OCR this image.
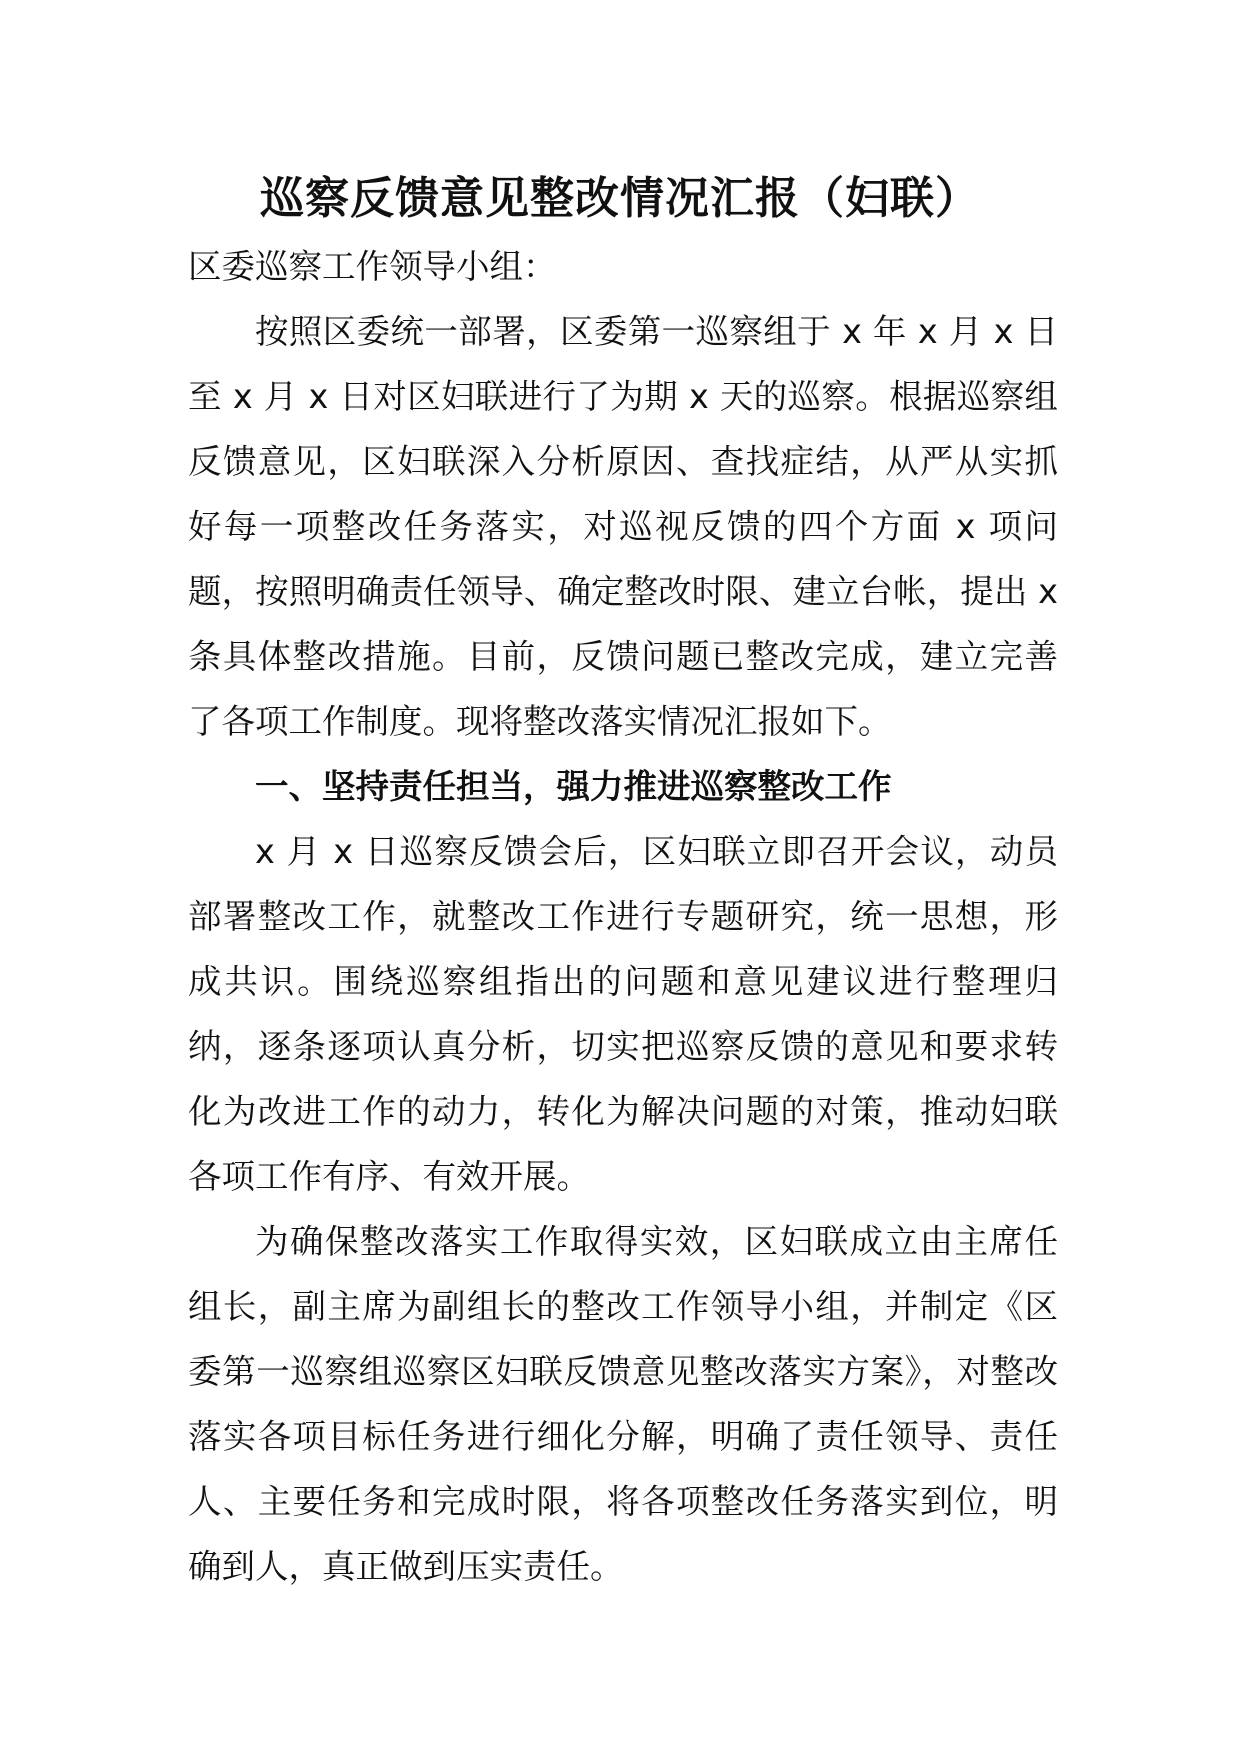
巡察反馈意见整改情况汇报（妇联）

区委巡察工作领导小组：

按照区委统一部署，区委第一巡察组于 x 年 x 月 x 日至 x 月 x 日对区妇联进行了为期 x 天的巡察。根据巡察组反馈意见，区妇联深入分析原因、查找症结，从严从实抓好每一项整改任务落实，对巡视反馈的四个方面 x 项问题，按照明确责任领导、确定整改时限、建立台帐，提出 x 条具体整改措施。目前，反馈问题已整改完成，建立完善了各项工作制度。现将整改落实情况汇报如下。

一、坚持责任担当，强力推进巡察整改工作

x 月 x 日巡察反馈会后，区妇联立即召开会议，动员部署整改工作，就整改工作进行专题研究，统一思想，形成共识。围绕巡察组指出的问题和意见建议进行整理归纳，逐条逐项认真分析，切实把巡察反馈的意见和要求转化为改进工作的动力，转化为解决问题的对策，推动妇联各项工作有序、有效开展。

为确保整改落实工作取得实效，区妇联成立由主席任组长，副主席为副组长的整改工作领导小组，并制定《区委第一巡察组巡察区妇联反馈意见整改落实方案》，对整改落实各项目标任务进行细化分解，明确了责任领导、责任人、主要任务和完成时限，将各项整改任务落实到位，明确到人，真正做到压实责任。
